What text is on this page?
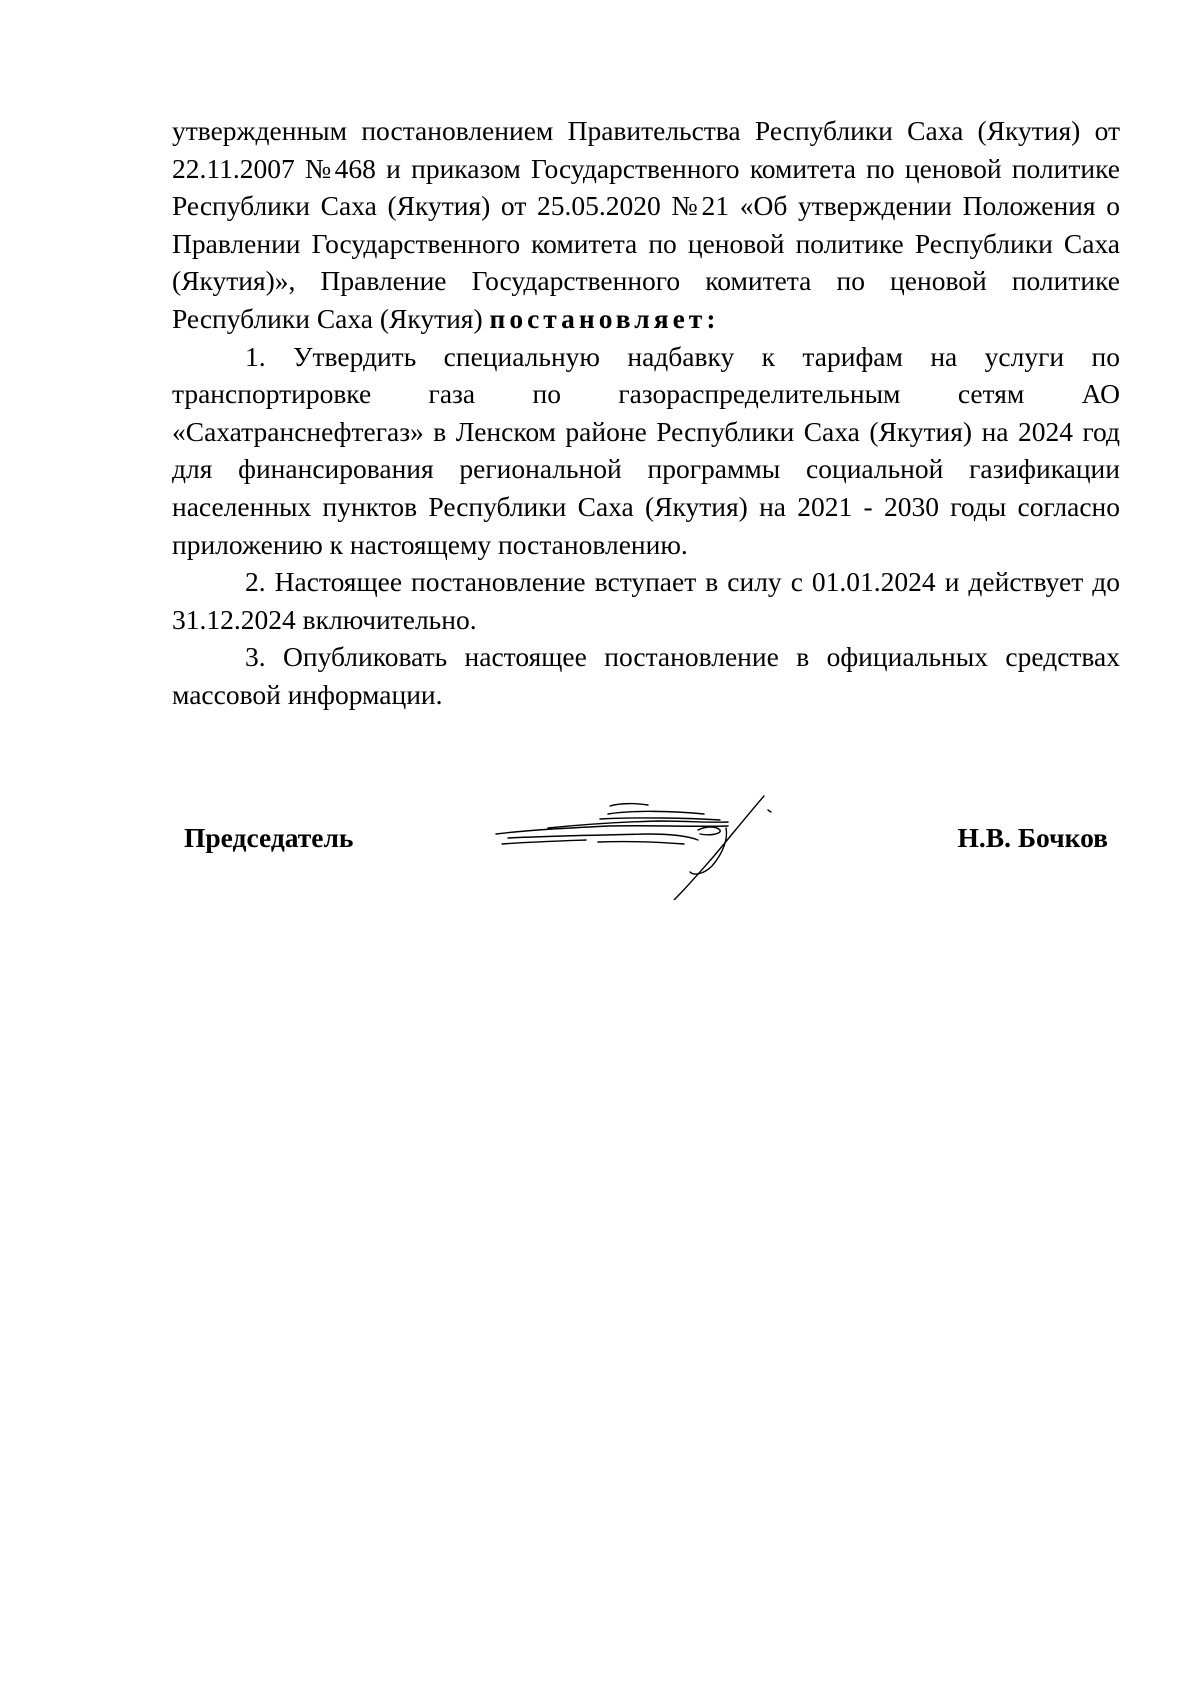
утвержденным постановлением Правительства Республики Саха (Якутия) от 22.11.2007 №468 и приказом Государственного комитета по ценовой политике Республики Саха (Якутия) от 25.05.2020 №21 «Об утверждении Положения о Правлении Государственного комитета по ценовой политике Республики Саха (Якутия)», Правление Государственного комитета по ценовой политике Республики Саха (Якутия) постановляет:

1. Утвердить специальную надбавку к тарифам на услуги по транспортировке газа по газораспределительным сетям АО «Сахатранснефтегаз» в Ленском районе Республики Саха (Якутия) на 2024 год для финансирования региональной программы социальной газификации населенных пунктов Республики Саха (Якутия) на 2021 - 2030 годы согласно приложению к настоящему постановлению.

2. Настоящее постановление вступает в силу с 01.01.2024 и действует до 31.12.2024 включительно.

3. Опубликовать настоящее постановление в официальных средствах массовой информации.

Председатель	Н.В. Бочков
